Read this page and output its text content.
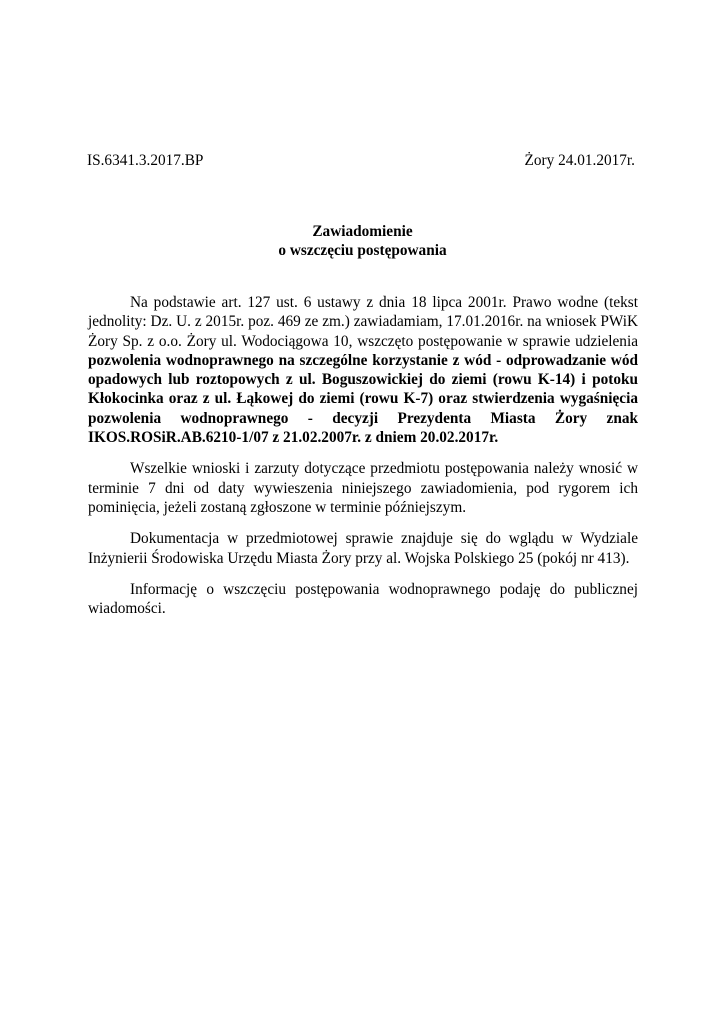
IS.6341.3.2017.BP	Żory 24.01.2017r.
Zawiadomienie
o wszczęciu postępowania

Na podstawie art. 127 ust. 6 ustawy z dnia 18 lipca 2001r. Prawo wodne (tekst jednolity: Dz. U. z 2015r. poz. 469 ze zm.) zawiadamiam, 17.01.2016r. na wniosek PWiK Żory Sp. z o.o. Żory ul. Wodociągowa 10, wszczęto postępowanie w sprawie udzielenia pozwolenia wodnoprawnego na szczególne korzystanie z wód - odprowadzanie wód opadowych lub roztopowych z ul. Boguszowickiej do ziemi (rowu K-14) i potoku Kłokocinka oraz z ul. Łąkowej do ziemi (rowu K-7) oraz stwierdzenia wygaśnięcia pozwolenia wodnoprawnego - decyzji Prezydenta Miasta Żory znak IKOS.ROSiR.AB.6210-1/07 z 21.02.2007r. z dniem 20.02.2017r.

Wszelkie wnioski i zarzuty dotyczące przedmiotu postępowania należy wnosić w terminie 7 dni od daty wywieszenia niniejszego zawiadomienia, pod rygorem ich pominięcia, jeżeli zostaną zgłoszone w terminie późniejszym.

Dokumentacja w przedmiotowej sprawie znajduje się do wglądu w Wydziale Inżynierii Środowiska Urzędu Miasta Żory przy al. Wojska Polskiego 25 (pokój nr 413).

Informację o wszczęciu postępowania wodnoprawnego podaję do publicznej wiadomości.
